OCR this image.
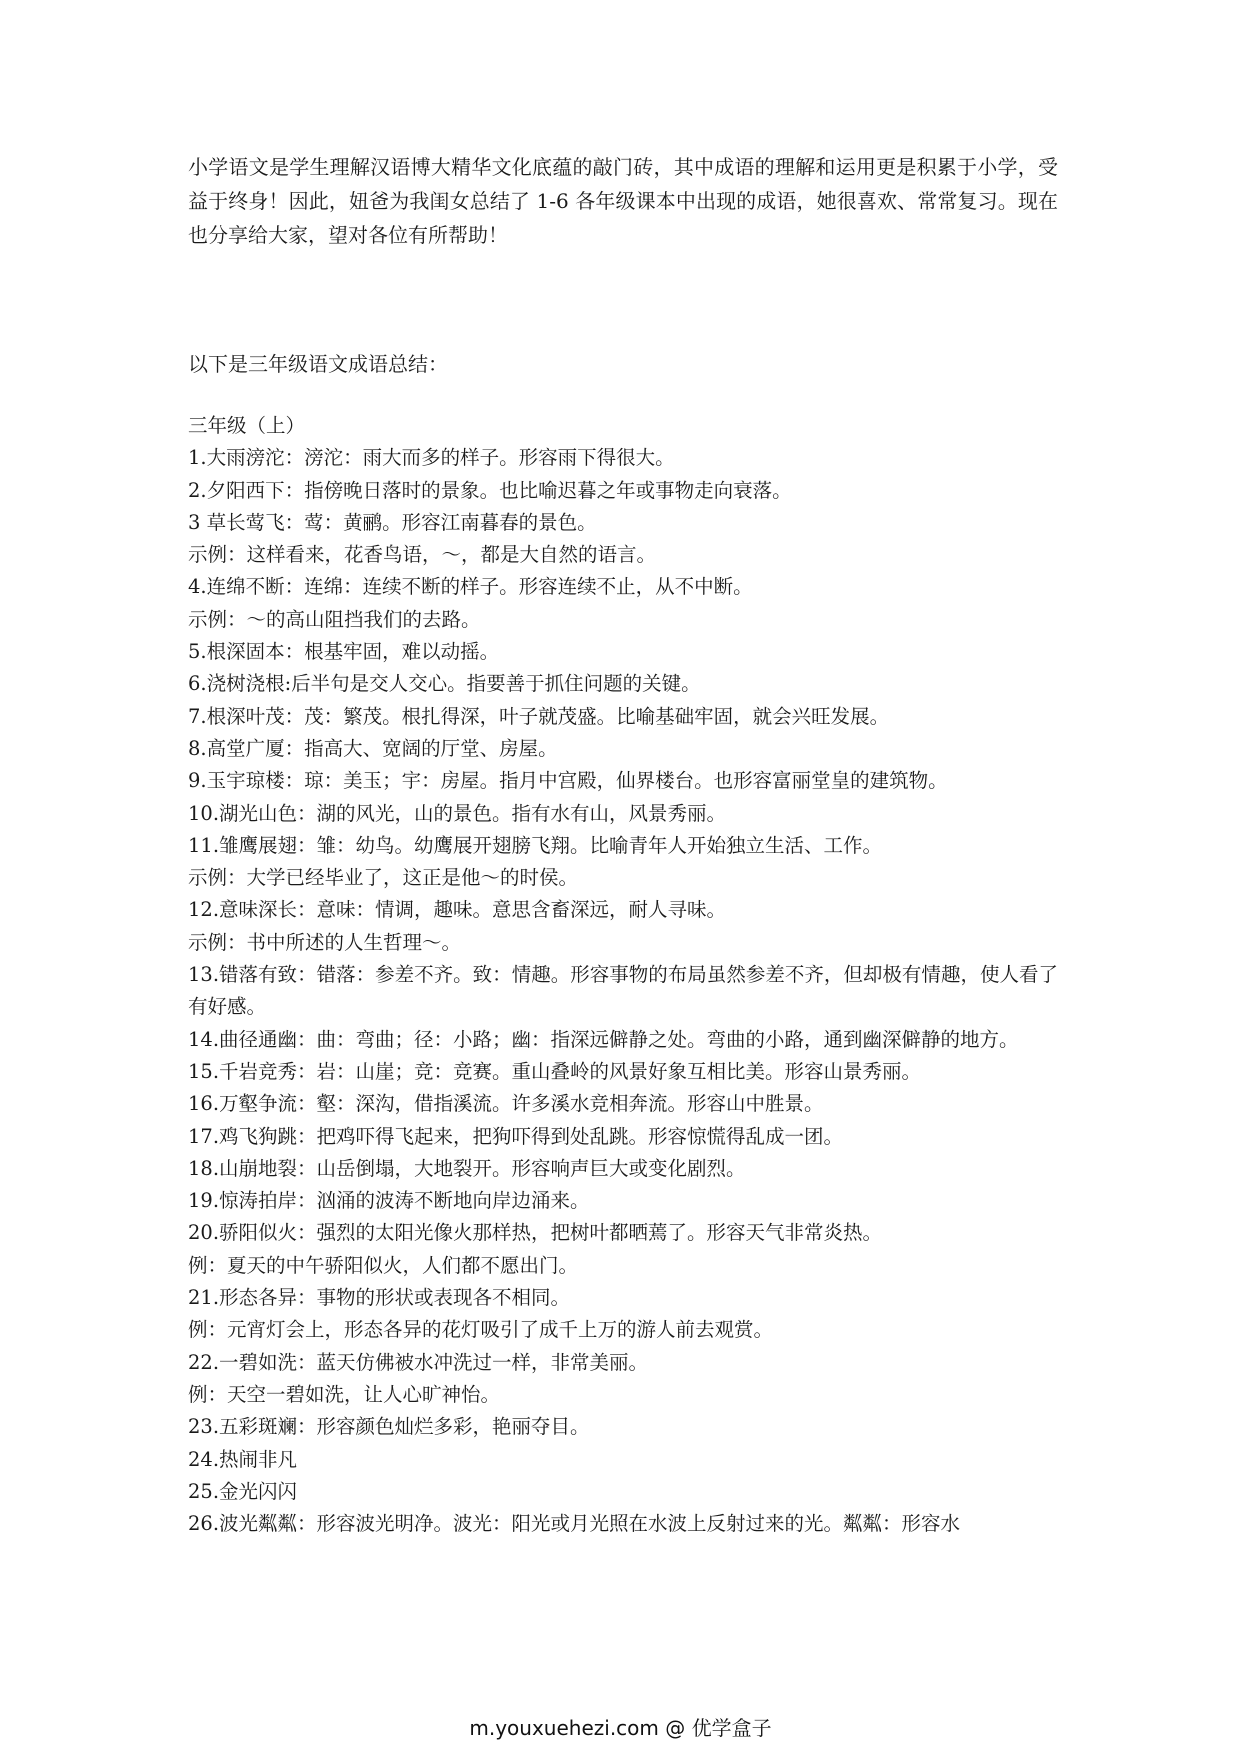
小学语文是学生理解汉语博大精华文化底蕴的敲门砖，其中成语的理解和运用更是积累于小学，受益于终身！因此，妞爸为我闺女总结了 1-6 各年级课本中出现的成语，她很喜欢、常常复习。现在也分享给大家，望对各位有所帮助！

以下是三年级语文成语总结：

三年级（上）

1.大雨滂沱：滂沱：雨大而多的样子。形容雨下得很大。

2.夕阳西下：指傍晚日落时的景象。也比喻迟暮之年或事物走向衰落。

3 草长莺飞：莺：黄鹂。形容江南暮春的景色。

示例：这样看来，花香鸟语，～，都是大自然的语言。

4.连绵不断：连绵：连续不断的样子。形容连续不止，从不中断。

示例：～的高山阻挡我们的去路。

5.根深固本：根基牢固，难以动摇。

6.浇树浇根:后半句是交人交心。指要善于抓住问题的关键。

7.根深叶茂：茂：繁茂。根扎得深，叶子就茂盛。比喻基础牢固，就会兴旺发展。

8.高堂广厦：指高大、宽阔的厅堂、房屋。

9.玉宇琼楼：琼：美玉；宇：房屋。指月中宫殿，仙界楼台。也形容富丽堂皇的建筑物。

10.湖光山色：湖的风光，山的景色。指有水有山，风景秀丽。

11.雏鹰展翅：雏：幼鸟。幼鹰展开翅膀飞翔。比喻青年人开始独立生活、工作。

示例：大学已经毕业了，这正是他～的时侯。

12.意味深长：意味：情调，趣味。意思含畜深远，耐人寻味。

示例：书中所述的人生哲理～。

13.错落有致：错落：参差不齐。致：情趣。形容事物的布局虽然参差不齐，但却极有情趣，使人看了有好感。

14.曲径通幽：曲：弯曲；径：小路；幽：指深远僻静之处。弯曲的小路，通到幽深僻静的地方。

15.千岩竞秀：岩：山崖；竞：竞赛。重山叠岭的风景好象互相比美。形容山景秀丽。

16.万壑争流：壑：深沟，借指溪流。许多溪水竞相奔流。形容山中胜景。

17.鸡飞狗跳：把鸡吓得飞起来，把狗吓得到处乱跳。形容惊慌得乱成一团。

18.山崩地裂：山岳倒塌，大地裂开。形容响声巨大或变化剧烈。

19.惊涛拍岸：汹涌的波涛不断地向岸边涌来。

20.骄阳似火：强烈的太阳光像火那样热，把树叶都晒蔫了。形容天气非常炎热。

例：夏天的中午骄阳似火，人们都不愿出门。

21.形态各异：事物的形状或表现各不相同。

例：元宵灯会上，形态各异的花灯吸引了成千上万的游人前去观赏。

22.一碧如洗：蓝天仿佛被水冲洗过一样，非常美丽。

例：天空一碧如洗，让人心旷神怡。

23.五彩斑斓：形容颜色灿烂多彩，艳丽夺目。

24.热闹非凡

25.金光闪闪

26.波光粼粼：形容波光明净。波光：阳光或月光照在水波上反射过来的光。粼粼：形容水

m.youxuehezi.com @ 优学盒子
